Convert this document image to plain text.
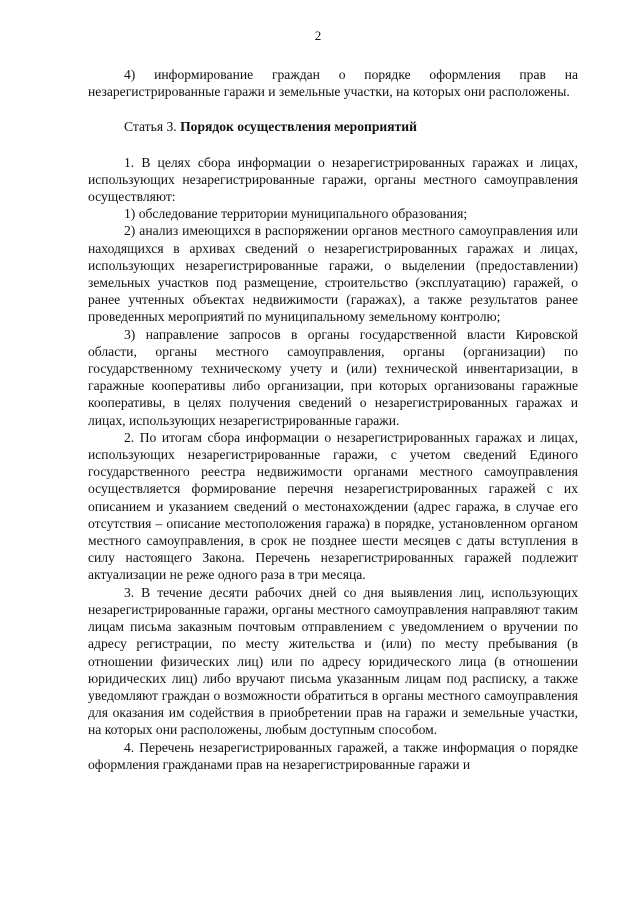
2

4) информирование граждан о порядке оформления прав на незарегистрированные гаражи и земельные участки, на которых они расположены.

Статья 3. Порядок осуществления мероприятий

1. В целях сбора информации о незарегистрированных гаражах и лицах, использующих незарегистрированные гаражи, органы местного самоуправления осуществляют:

1) обследование территории муниципального образования;

2) анализ имеющихся в распоряжении органов местного самоуправления или находящихся в архивах сведений о незарегистрированных гаражах и лицах, использующих незарегистрированные гаражи, о выделении (предоставлении) земельных участков под размещение, строительство (эксплуатацию) гаражей, о ранее учтенных объектах недвижимости (гаражах), а также результатов ранее проведенных мероприятий по муниципальному земельному контролю;

3) направление запросов в органы государственной власти Кировской области, органы местного самоуправления, органы (организации) по государственному техническому учету и (или) технической инвентаризации, в гаражные кооперативы либо организации, при которых организованы гаражные кооперативы, в целях получения сведений о незарегистрированных гаражах и лицах, использующих незарегистрированные гаражи.

2. По итогам сбора информации о незарегистрированных гаражах и лицах, использующих незарегистрированные гаражи, с учетом сведений Единого государственного реестра недвижимости органами местного самоуправления осуществляется формирование перечня незарегистрированных гаражей с их описанием и указанием сведений о местонахождении (адрес гаража, в случае его отсутствия – описание местоположения гаража) в порядке, установленном органом местного самоуправления, в срок не позднее шести месяцев с даты вступления в силу настоящего Закона. Перечень незарегистрированных гаражей подлежит актуализации не реже одного раза в три месяца.

3. В течение десяти рабочих дней со дня выявления лиц, использующих незарегистрированные гаражи, органы местного самоуправления направляют таким лицам письма заказным почтовым отправлением с уведомлением о вручении по адресу регистрации, по месту жительства и (или) по месту пребывания (в отношении физических лиц) или по адресу юридического лица (в отношении юридических лиц) либо вручают письма указанным лицам под расписку, а также уведомляют граждан о возможности обратиться в органы местного самоуправления для оказания им содействия в приобретении прав на гаражи и земельные участки, на которых они расположены, любым доступным способом.

4. Перечень незарегистрированных гаражей, а также информация о порядке оформления гражданами прав на незарегистрированные гаражи и
